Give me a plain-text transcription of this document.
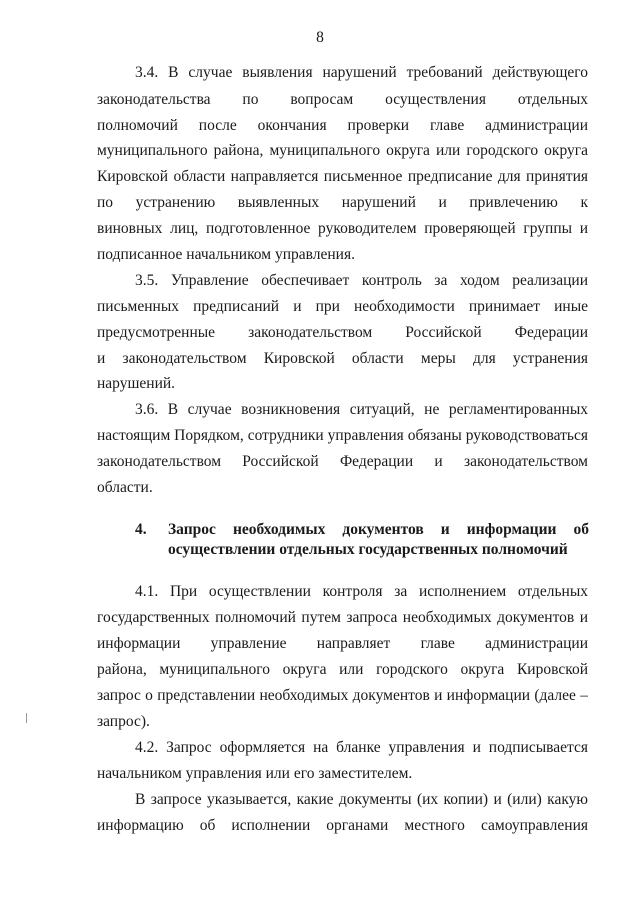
8
3.4. В случае выявления нарушений требований действующего
законодательства по вопросам осуществления отдельных
полномочий после окончания проверки главе администрации
муниципального района, муниципального округа или городского округа
Кировской области направляется письменное предписание для принятия
по устранению выявленных нарушений и привлечению к
виновных лиц, подготовленное руководителем проверяющей группы и
подписанное начальником управления.
3.5. Управление обеспечивает контроль за ходом реализации
письменных предписаний и при необходимости принимает иные
предусмотренные законодательством Российской Федерации
и законодательством Кировской области меры для устранения
нарушений.
3.6. В случае возникновения ситуаций, не регламентированных
настоящим Порядком, сотрудники управления обязаны руководствоваться
законодательством Российской Федерации и законодательством
области.
4. Запрос необходимых документов и информации об
осуществлении отдельных государственных полномочий
4.1. При осуществлении контроля за исполнением отдельных
государственных полномочий путем запроса необходимых документов и
информации управление направляет главе администрации
района, муниципального округа или городского округа Кировской
запрос о представлении необходимых документов и информации (далее –
запрос).
4.2. Запрос оформляется на бланке управления и подписывается
начальником управления или его заместителем.
В запросе указывается, какие документы (их копии) и (или) какую
информацию об исполнении органами местного самоуправления
